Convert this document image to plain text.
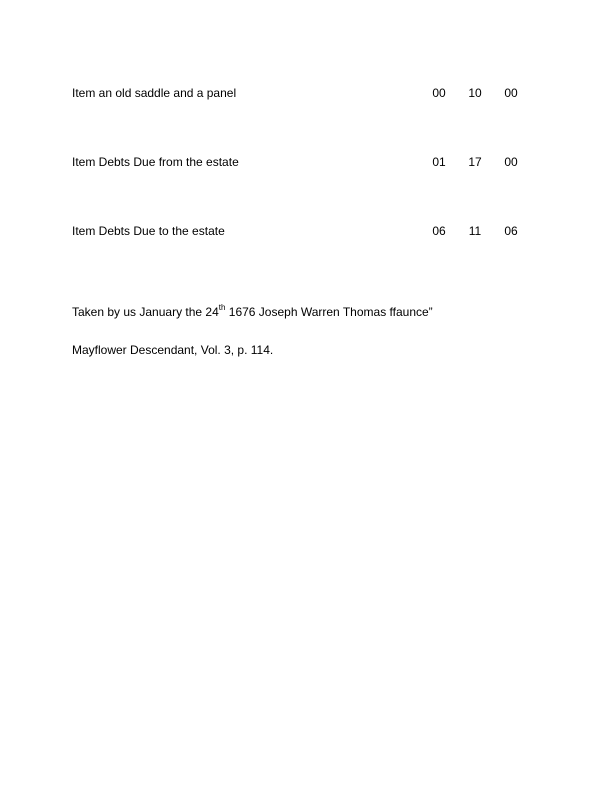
Item an old saddle and a panel	00	10	00
Item Debts Due from the estate	01	17	00
Item Debts Due to the estate	06	11	06
Taken by us January the 24th 1676 Joseph Warren Thomas ffaunce”
Mayflower Descendant, Vol. 3, p. 114.
